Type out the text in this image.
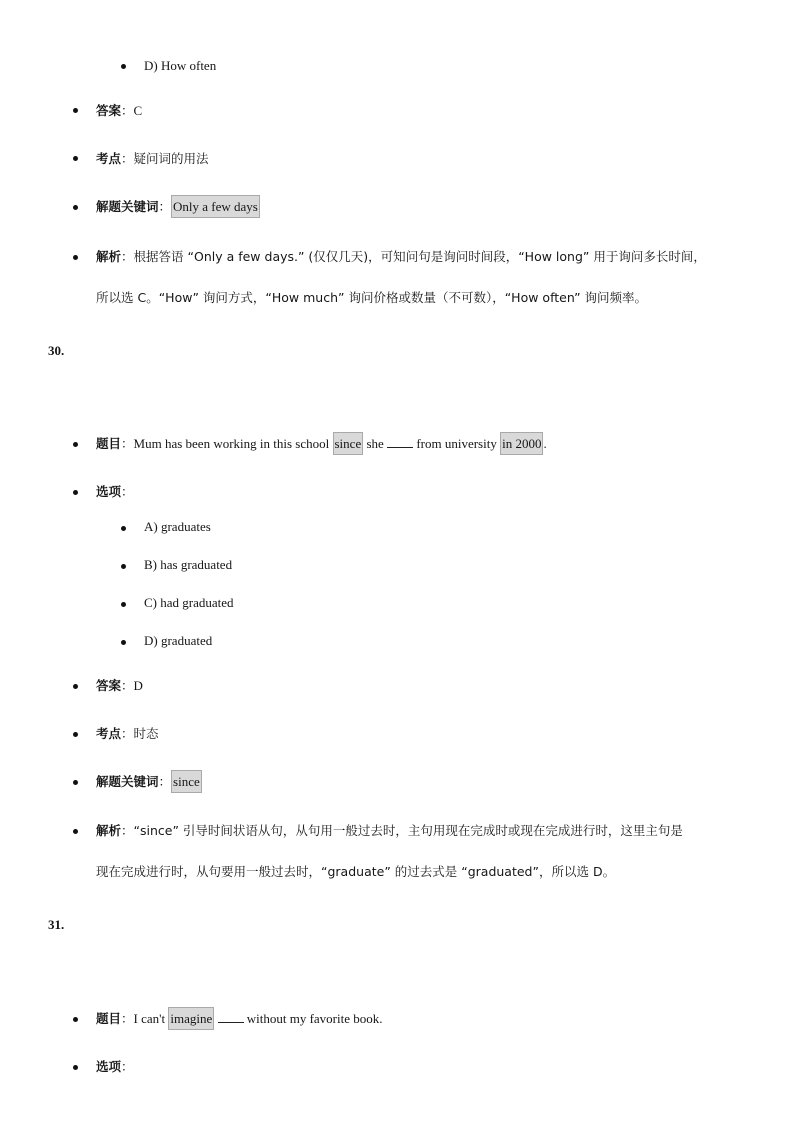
D) How often
答案：C
考点：疑问词的用法
解题关键词： Only a few days
解析：根据答语 “Only a few days.” (仅仅几天)，可知问句是询问时间段，“How long” 用于询问多长时间，
所以选 C。“How” 询问方式，“How much” 询问价格或数量（不可数），“How often” 询问频率。
30.
题目：Mum has been working in this school since she	from university in 2000 .
选项：
A) graduates
B) has graduated
C) had graduated
D) graduated
答案：D
考点：时态
解题关键词： since
解析：“since” 引导时间状语从句，从句用一般过去时，主句用现在完成时或现在完成进行时，这里主句是
现在完成进行时，从句要用一般过去时，“graduate” 的过去式是 “graduated”，所以选 D。
31.
题目：I can't imagine	without my favorite book.
选项：
